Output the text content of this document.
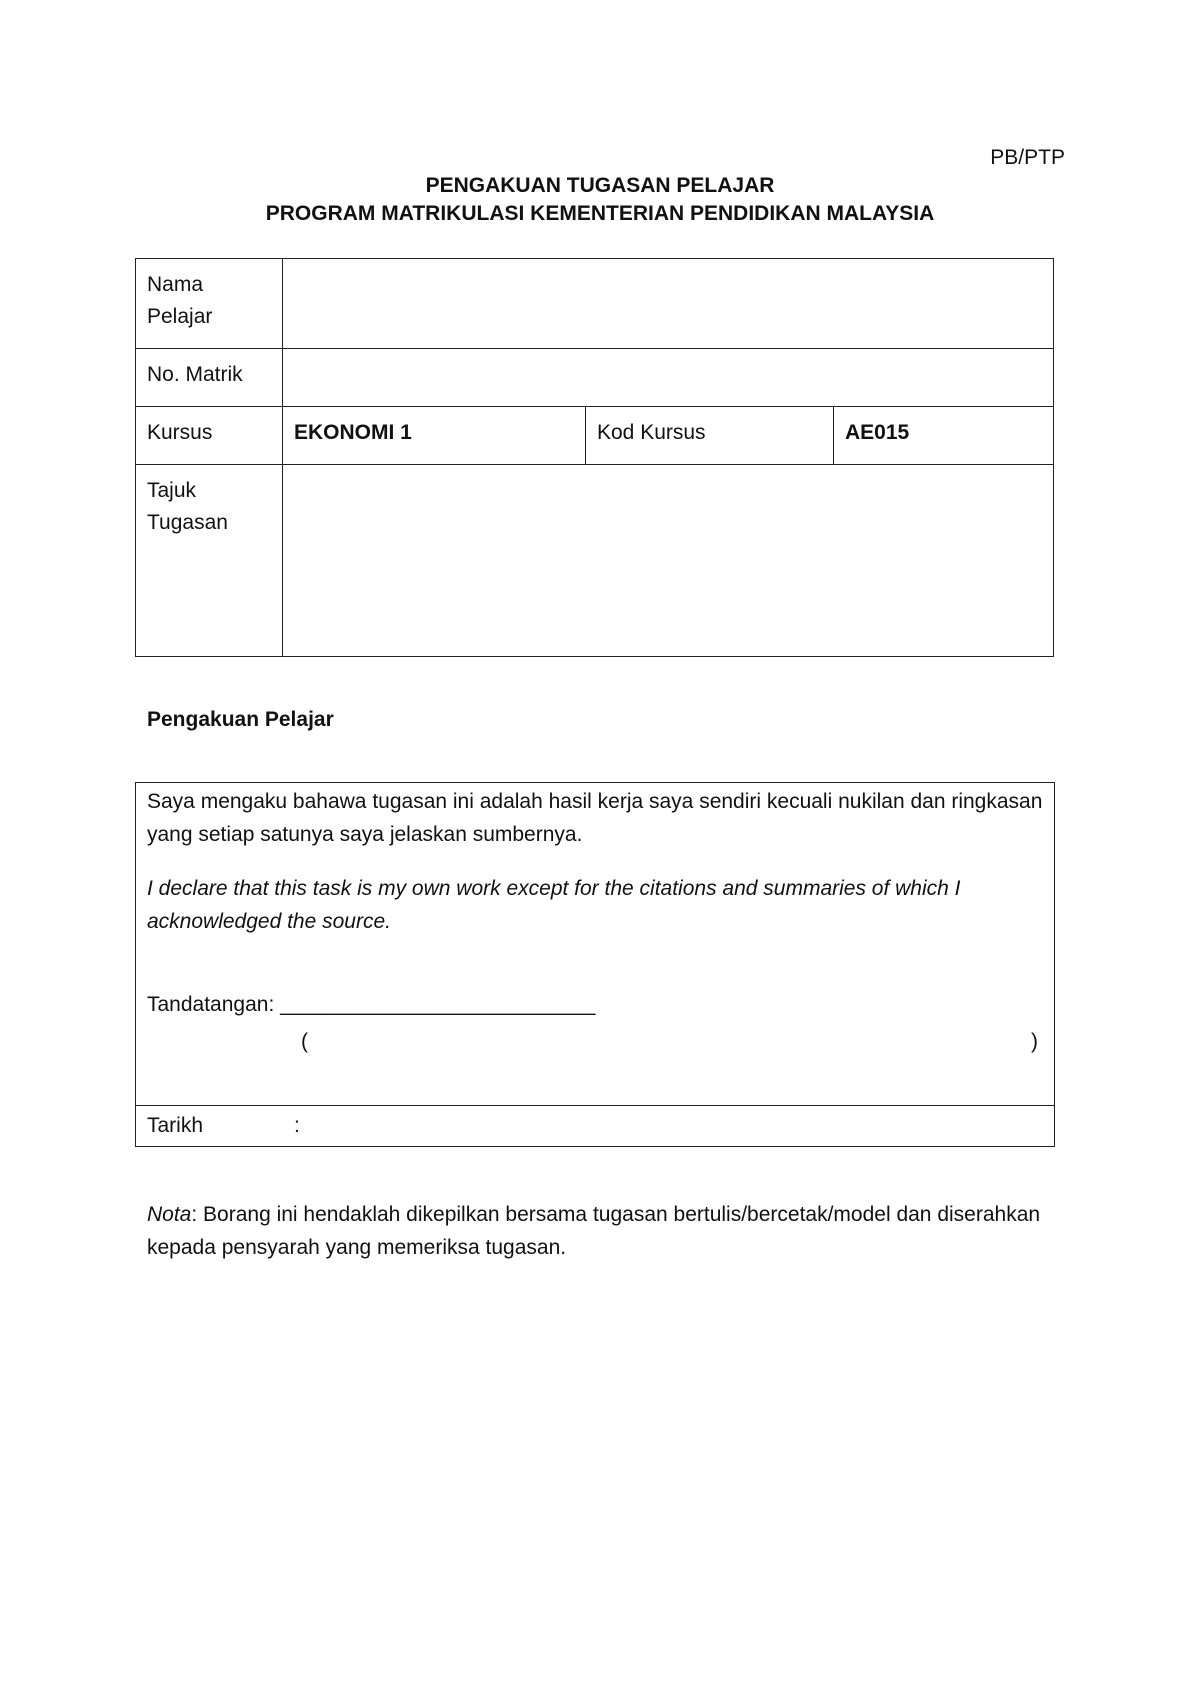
PB/PTP
PENGAKUAN TUGASAN PELAJAR
PROGRAM MATRIKULASI KEMENTERIAN PENDIDIKAN MALAYSIA
Nama
Pelajar			

No. Matrik			
Kursus	EKONOMI 1	Kod Kursus	AE015

Tajuk
Tugasan			

Pengakuan Pelajar

Saya mengaku bahawa tugasan ini adalah hasil kerja saya sendiri kecuali nukilan dan ringkasan yang setiap satunya saya jelaskan sumbernya.

I declare that this task is my own work except for the citations and summaries of which I acknowledged the source.

Tandatangan: ___________________________
(	)
Tarikh	:
Nota: Borang ini hendaklah dikepilkan bersama tugasan bertulis/bercetak/model dan diserahkan kepada pensyarah yang memeriksa tugasan.
